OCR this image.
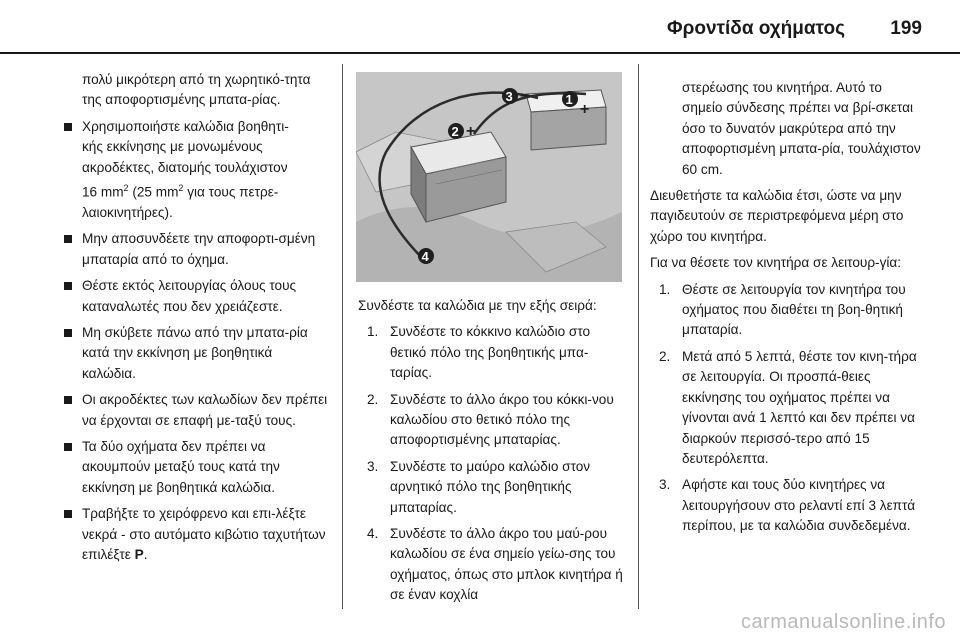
Φροντίδα οχήματος 199

πολύ μικρότερη από τη χωρητικό-τητα της αποφορτισμένης μπατα-ρίας.

Χρησιμοποιήστε καλώδια βοηθητι-
κής εκκίνησης με μονωμένους
ακροδέκτες, διατομής τουλάχιστον
16 $mm^2$ (25 $mm^2$ για τους πετρε-
λαιοκινητήρες).
Μην αποσυνδέετε την αποφορτι-σμένη μπαταρία από το όχημα.
Θέστε εκτός λειτουργίας όλους τους καταναλωτές που δεν χρειάζεστε.
Μη σκύβετε πάνω από την μπατα-ρία κατά την εκκίνηση με βοηθητικά καλώδια.
Οι ακροδέκτες των καλωδίων δεν πρέπει να έρχονται σε επαφή με-ταξύ τους.
Τα δύο οχήματα δεν πρέπει να ακουμπούν μεταξύ τους κατά την εκκίνηση με βοηθητικά καλώδια.
Τραβήξτε το χειρόφρενο και επι-λέξτε νεκρά - στο αυτόματο κιβώτιο ταχυτήτων επιλέξτε P.
1
+
2 +
3 −
4

Συνδέστε τα καλώδια με την εξής σειρά:

1. Συνδέστε το κόκκινο καλώδιο στο θετικό πόλο της βοηθητικής μπα-ταρίας.
2. Συνδέστε το άλλο άκρο του κόκκι-νου καλωδίου στο θετικό πόλο της αποφορτισμένης μπαταρίας.
3. Συνδέστε το μαύρο καλώδιο στον αρνητικό πόλο της βοηθητικής μπαταρίας.
4. Συνδέστε το άλλο άκρο του μαύ-ρου καλωδίου σε ένα σημείο γείω-σης του οχήματος, όπως στο μπλοκ κινητήρα ή σε έναν κοχλία

στερέωσης του κινητήρα. Αυτό το σημείο σύνδεσης πρέπει να βρί-σκεται όσο το δυνατόν μακρύτερα από την αποφορτισμένη μπατα-ρία, τουλάχιστον 60 cm.

Διευθετήστε τα καλώδια έτσι, ώστε να μην παγιδευτούν σε περιστρεφόμενα μέρη στο χώρο του κινητήρα.

Για να θέσετε τον κινητήρα σε λειτουρ-γία:

1. Θέστε σε λειτουργία τον κινητήρα του οχήματος που διαθέτει τη βοη-θητική μπαταρία.
2. Μετά από 5 λεπτά, θέστε τον κινη-τήρα σε λειτουργία. Οι προσπά-θειες εκκίνησης του οχήματος πρέπει να γίνονται ανά 1 λεπτό και δεν πρέπει να διαρκούν περισσό-τερο από 15 δευτερόλεπτα.
3. Αφήστε και τους δύο κινητήρες να λειτουργήσουν στο ρελαντί επί 3 λεπτά περίπου, με τα καλώδια συνδεδεμένα.
carmanualsonline.info
